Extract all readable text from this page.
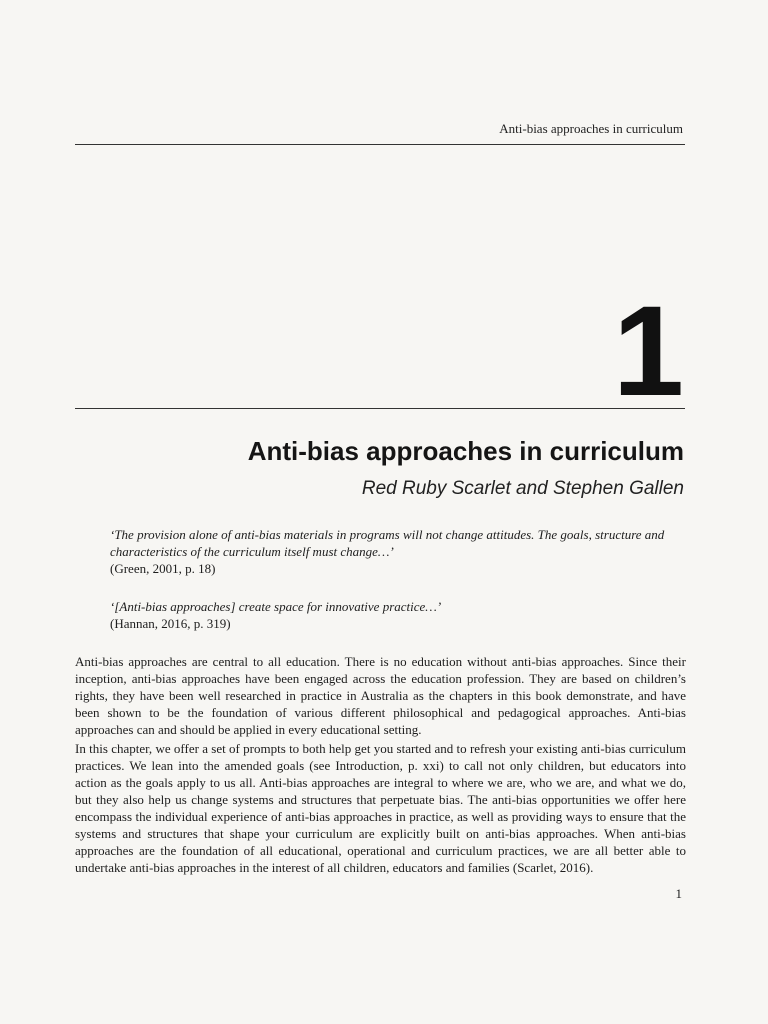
Anti-bias approaches in curriculum
1
Anti-bias approaches in curriculum
Red Ruby Scarlet and Stephen Gallen
‘The provision alone of anti-bias materials in programs will not change attitudes. The goals, structure and characteristics of the curriculum itself must change…’
(Green, 2001, p. 18)
‘[Anti-bias approaches] create space for innovative practice…’
(Hannan, 2016, p. 319)

Anti-bias approaches are central to all education. There is no education without anti-bias approaches. Since their inception, anti-bias approaches have been engaged across the education profession. They are based on children’s rights, they have been well researched in practice in Australia as the chapters in this book demonstrate, and have been shown to be the foundation of various different philosophical and pedagogical approaches. Anti-bias approaches can and should be applied in every educational setting.

In this chapter, we offer a set of prompts to both help get you started and to refresh your existing anti-bias curriculum practices. We lean into the amended goals (see Introduction, p. xxi) to call not only children, but educators into action as the goals apply to us all. Anti-bias approaches are integral to where we are, who we are, and what we do, but they also help us change systems and structures that perpetuate bias. The anti-bias opportunities we offer here encompass the individual experience of anti-bias approaches in practice, as well as providing ways to ensure that the systems and structures that shape your curriculum are explicitly built on anti-bias approaches. When anti-bias approaches are the foundation of all educational, operational and curriculum practices, we are all better able to undertake anti-bias approaches in the interest of all children, educators and families (Scarlet, 2016).

1
